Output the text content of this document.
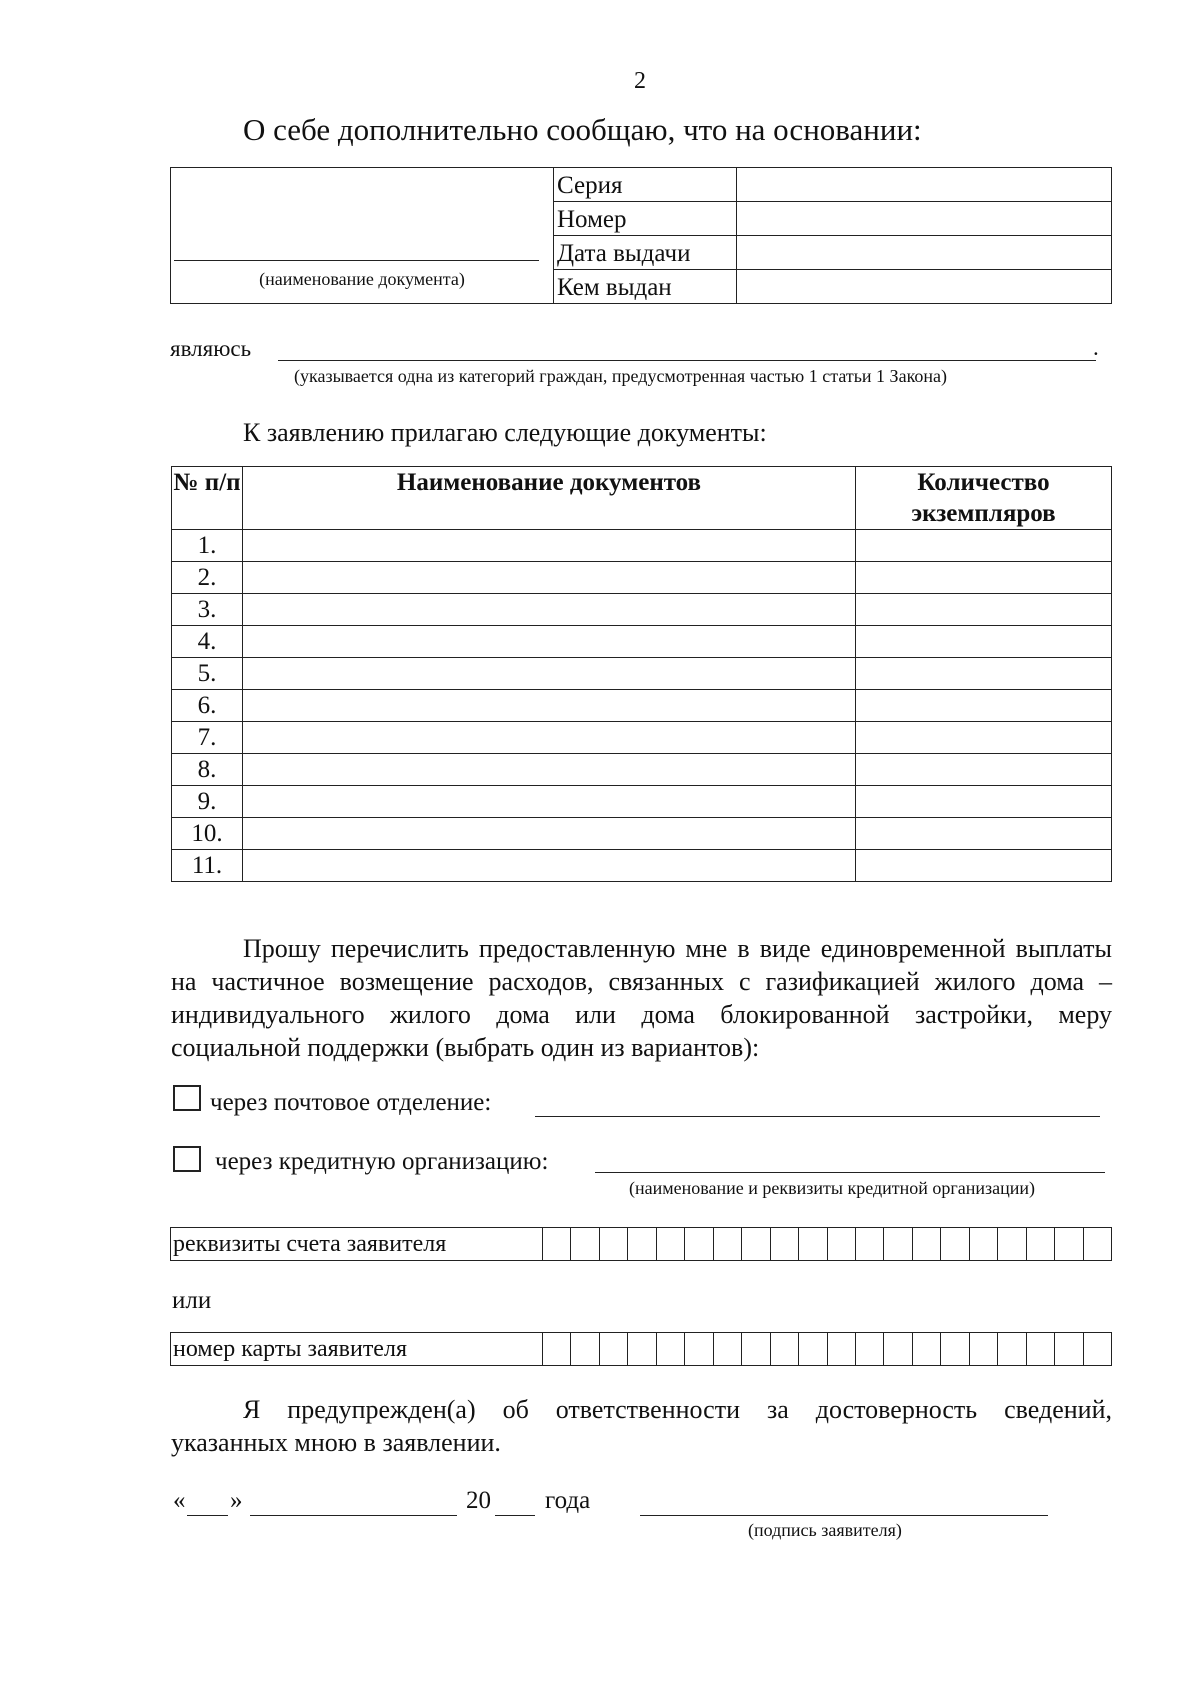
2
О себе дополнительно сообщаю, что на основании:
(наименование документа)	Серия	
	Номер	
	Дата выдачи	
	Кем выдан	
являюсь	.
(указывается одна из категорий граждан, предусмотренная частью 1 статьи 1 Закона)
К заявлению прилагаю следующие документы:
№ п/п	Наименование документов	Количество экземпляров
1.		
2.		
3.		
4.		
5.		
6.		
7.		
8.		
9.		
10.		
11.		
Прошу перечислить предоставленную мне в виде единовременной выплаты на частичное возмещение расходов, связанных с газификацией жилого дома – индивидуального жилого дома или дома блокированной застройки, меру социальной поддержки (выбрать один из вариантов):
через почтовое отделение:
через кредитную организацию:
(наименование и реквизиты кредитной организации)
реквизиты счета заявителя
или
номер карты заявителя
Я предупрежден(а) об ответственности за достоверность сведений, указанных мною в заявлении.
« »	20 года
(подпись заявителя)
